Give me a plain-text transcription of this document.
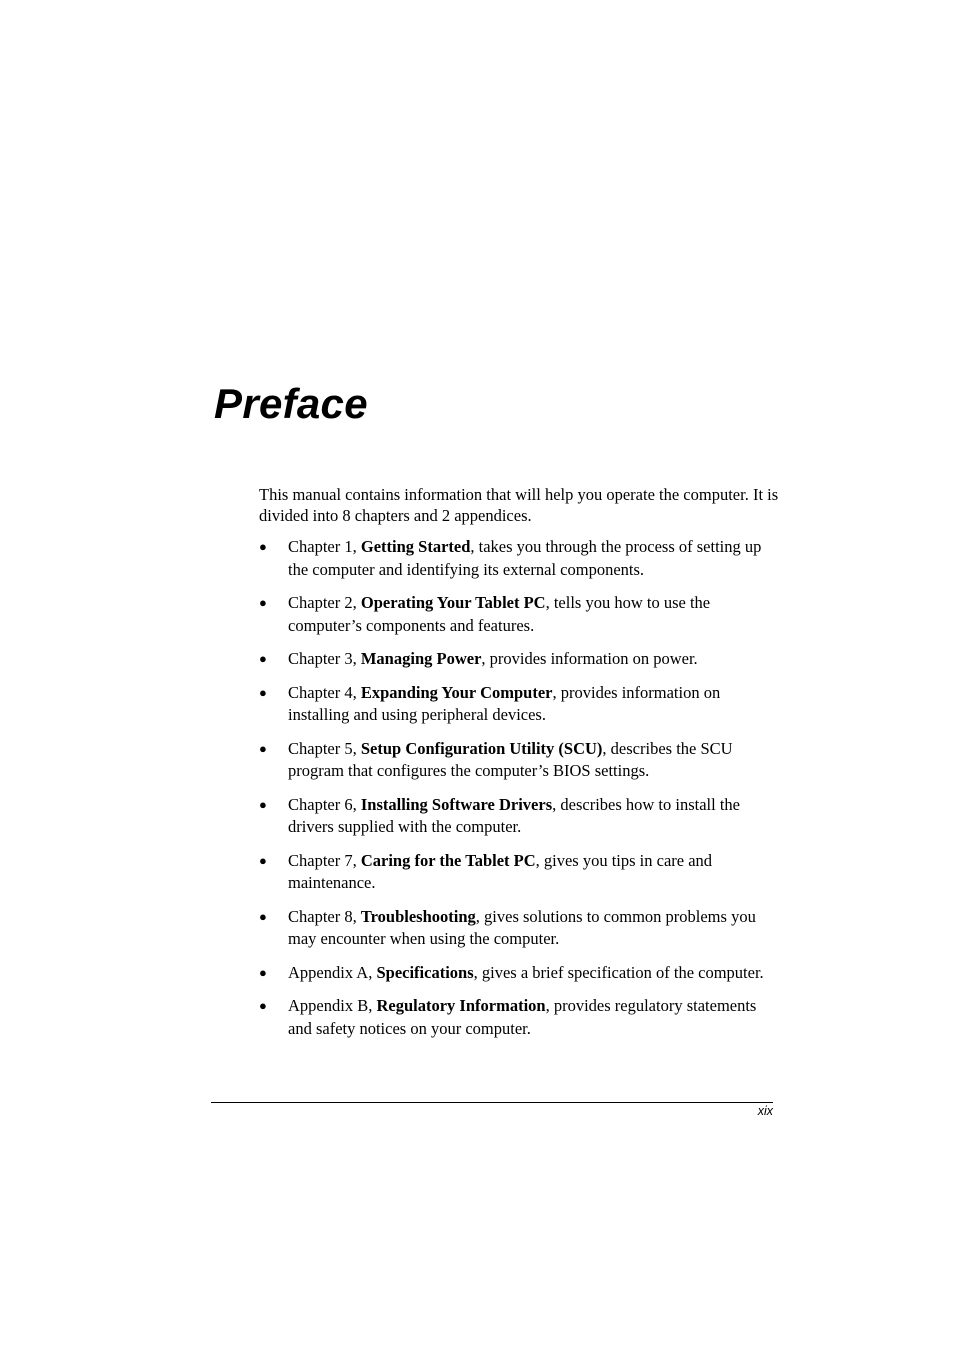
Preface

This manual contains information that will help you operate the computer. It is divided into 8 chapters and 2 appendices.

● Chapter 1, Getting Started, takes you through the process of setting up the computer and identifying its external components.
● Chapter 2, Operating Your Tablet PC, tells you how to use the computer’s components and features.
● Chapter 3, Managing Power, provides information on power.
● Chapter 4, Expanding Your Computer, provides information on installing and using peripheral devices.
● Chapter 5, Setup Configuration Utility (SCU), describes the SCU program that configures the computer’s BIOS settings.
● Chapter 6, Installing Software Drivers, describes how to install the drivers supplied with the computer.
● Chapter 7, Caring for the Tablet PC, gives you tips in care and maintenance.
● Chapter 8, Troubleshooting, gives solutions to common problems you may encounter when using the computer.
● Appendix A, Specifications, gives a brief specification of the computer.
● Appendix B, Regulatory Information, provides regulatory statements and safety notices on your computer.
xix
